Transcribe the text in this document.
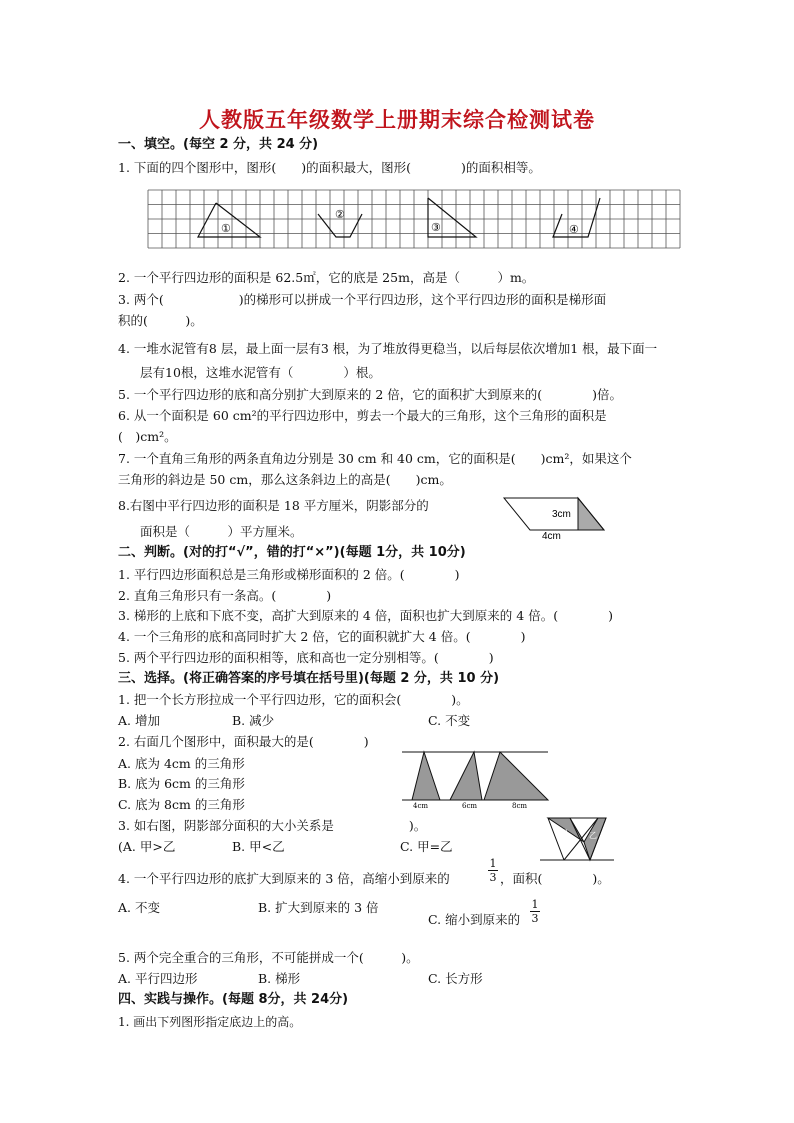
人教版五年级数学上册期末综合检测试卷
一、填空。(每空 2 分，共 24 分)
1. 下面的四个图形中，图形(　　)的面积最大，图形(　　　　)的面积相等。
①
②
③	④
2. 一个平行四边形的面积是 62.5㎡，它的底是 25m，高是（　　　）m。
3. 两个(　　　　　　)的梯形可以拼成一个平行四边形，这个平行四边形的面积是梯形面
积的(　　　)。
4. 一堆水泥管有8 层，最上面一层有3 根，为了堆放得更稳当，以后每层依次增加1 根，最下面一
层有10根，这堆水泥管有（　　　　）根。
5. 一个平行四边形的底和高分别扩大到原来的 2 倍，它的面积扩大到原来的(　　　　)倍。
6. 从一个面积是 60 cm²的平行四边形中，剪去一个最大的三角形，这个三角形的面积是
(　)cm²。
7. 一个直角三角形的两条直角边分别是 30 cm 和 40 cm，它的面积是(　　)cm²，如果这个
三角形的斜边是 50 cm，那么这条斜边上的高是(　　)cm。
8.右图中平行四边形的面积是 18 平方厘米，阴影部分的
面积是（　　　）平方厘米。
3cm
4cm
二、判断。(对的打“√”，错的打“×”)(每题 1分，共 10分)
1. 平行四边形面积总是三角形或梯形面积的 2 倍。(　　　　)
2. 直角三角形只有一条高。(　　　　)
3. 梯形的上底和下底不变，高扩大到原来的 4 倍，面积也扩大到原来的 4 倍。(　　　　)
4. 一个三角形的底和高同时扩大 2 倍，它的面积就扩大 4 倍。(　　　　)
5. 两个平行四边形的面积相等，底和高也一定分别相等。(　　　　)
三、选择。(将正确答案的序号填在括号里)(每题 2 分，共 10 分)
1. 把一个长方形拉成一个平行四边形，它的面积会(　　　　)。
A. 增加	B. 减少	C. 不变
2. 右面几个图形中，面积最大的是(　　　　)
A. 底为 4cm 的三角形
B. 底为 6cm 的三角形
C. 底为 8cm 的三角形	4cm	6cm	8cm
3. 如右图，阴影部分面积的大小关系是　　　　　　)。
(A. 甲>乙	B. 甲<乙	C. 甲=乙
甲	乙
4. 一个平行四边形的底扩大到原来的 3 倍，高缩小到原来的
1
3 ，面积(　　　　)。
A. 不变	B. 扩大到原来的 3 倍
C. 缩小到原来的
1
3
5. 两个完全重合的三角形，不可能拼成一个(　　　)。
A. 平行四边形	B. 梯形	C. 长方形
四、实践与操作。(每题 8分，共 24分)
1. 画出下列图形指定底边上的高。
